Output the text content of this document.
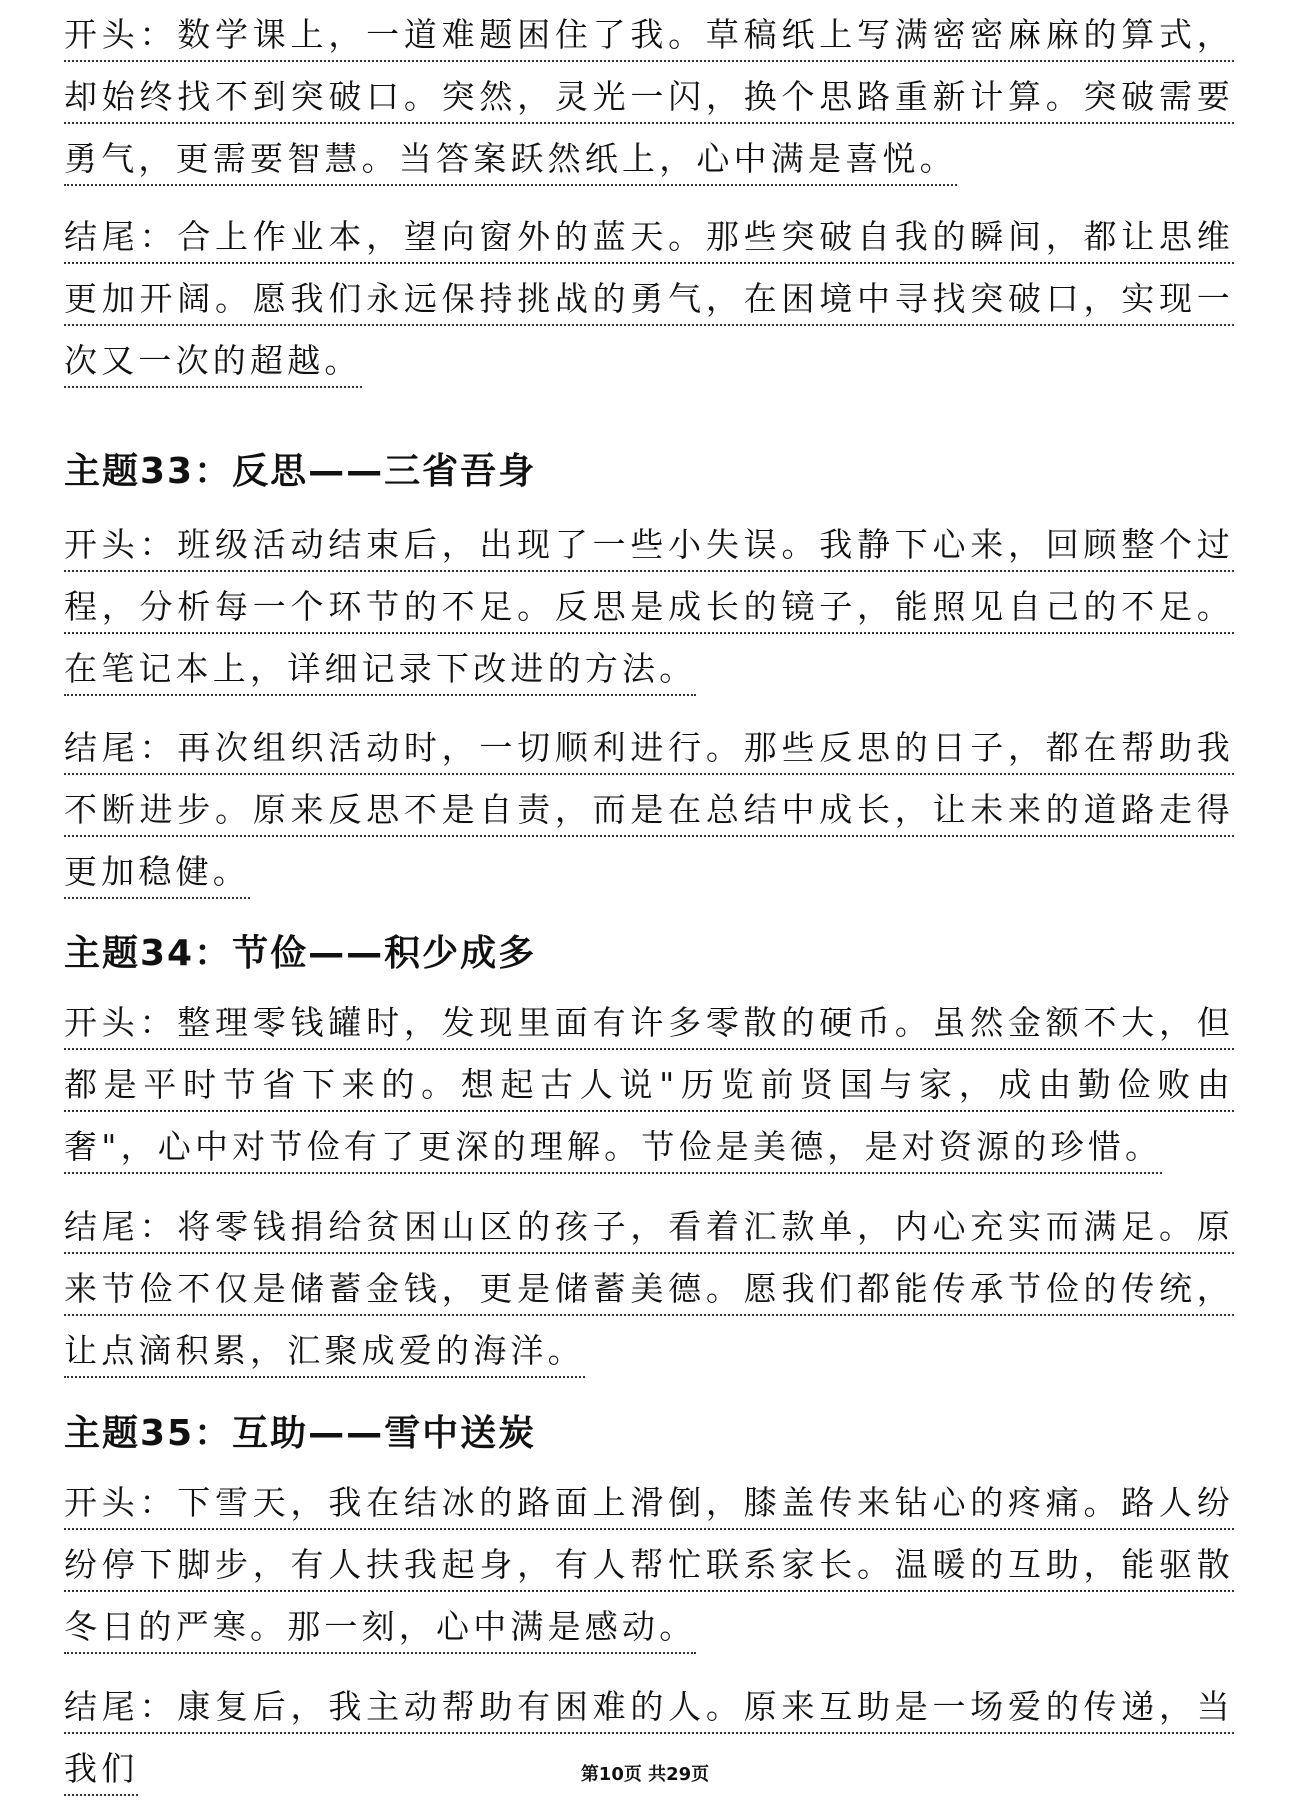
开头：数学课上，一道难题困住了我。草稿纸上写满密密麻麻的算式，却始终找不到突破口。突然，灵光一闪，换个思路重新计算。突破需要勇气，更需要智慧。当答案跃然纸上，心中满是喜悦。

结尾：合上作业本，望向窗外的蓝天。那些突破自我的瞬间，都让思维更加开阔。愿我们永远保持挑战的勇气，在困境中寻找突破口，实现一次又一次的超越。

主题33：反思——三省吾身

开头：班级活动结束后，出现了一些小失误。我静下心来，回顾整个过程，分析每一个环节的不足。反思是成长的镜子，能照见自己的不足。在笔记本上，详细记录下改进的方法。

结尾：再次组织活动时，一切顺利进行。那些反思的日子，都在帮助我不断进步。原来反思不是自责，而是在总结中成长，让未来的道路走得更加稳健。

主题34：节俭——积少成多

开头：整理零钱罐时，发现里面有许多零散的硬币。虽然金额不大，但都是平时节省下来的。想起古人说"历览前贤国与家，成由勤俭败由奢"，心中对节俭有了更深的理解。节俭是美德，是对资源的珍惜。

结尾：将零钱捐给贫困山区的孩子，看着汇款单，内心充实而满足。原来节俭不仅是储蓄金钱，更是储蓄美德。愿我们都能传承节俭的传统，让点滴积累，汇聚成爱的海洋。

主题35：互助——雪中送炭

开头：下雪天，我在结冰的路面上滑倒，膝盖传来钻心的疼痛。路人纷纷停下脚步，有人扶我起身，有人帮忙联系家长。温暖的互助，能驱散冬日的严寒。那一刻，心中满是感动。

结尾：康复后，我主动帮助有困难的人。原来互助是一场爱的传递，当我们	第10页 共29页
